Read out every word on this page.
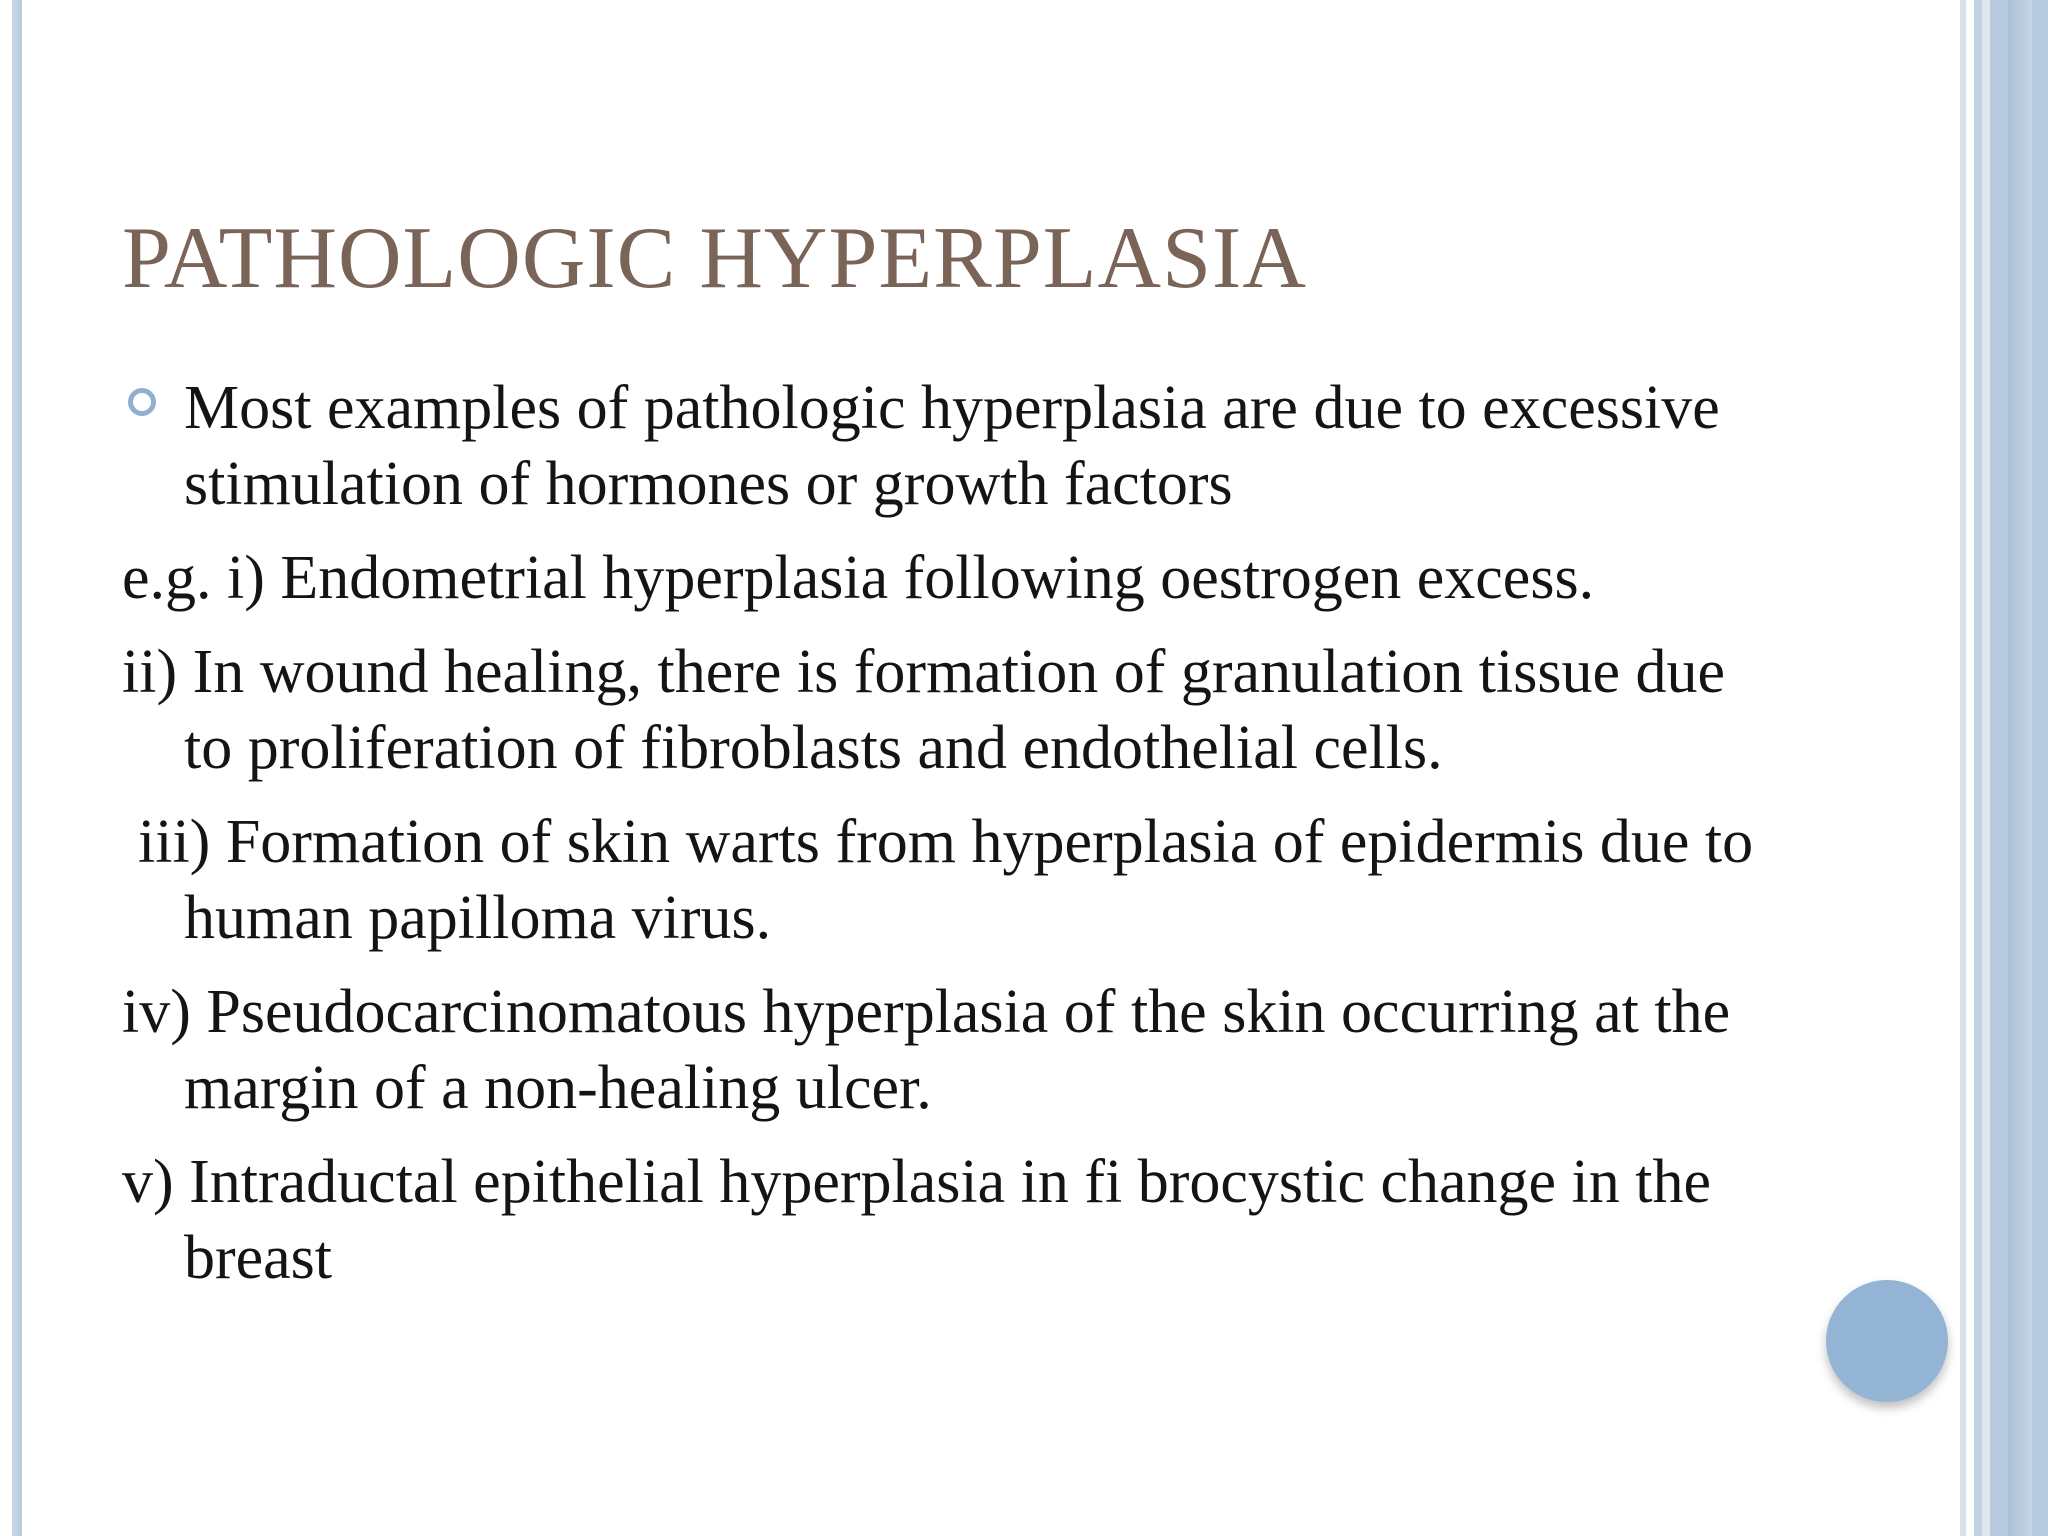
PATHOLOGIC HYPERPLASIA
Most examples of pathologic hyperplasia are due to excessive stimulation of hormones or growth factors
e.g. i) Endometrial hyperplasia following oestrogen excess.
ii) In wound healing, there is formation of granulation tissue due to proliferation of fibroblasts and endothelial cells.
iii) Formation of skin warts from hyperplasia of epidermis due to human papilloma virus.
iv) Pseudocarcinomatous hyperplasia of the skin occurring at the margin of a non-healing ulcer.
v) Intraductal epithelial hyperplasia in fi brocystic change in the breast
